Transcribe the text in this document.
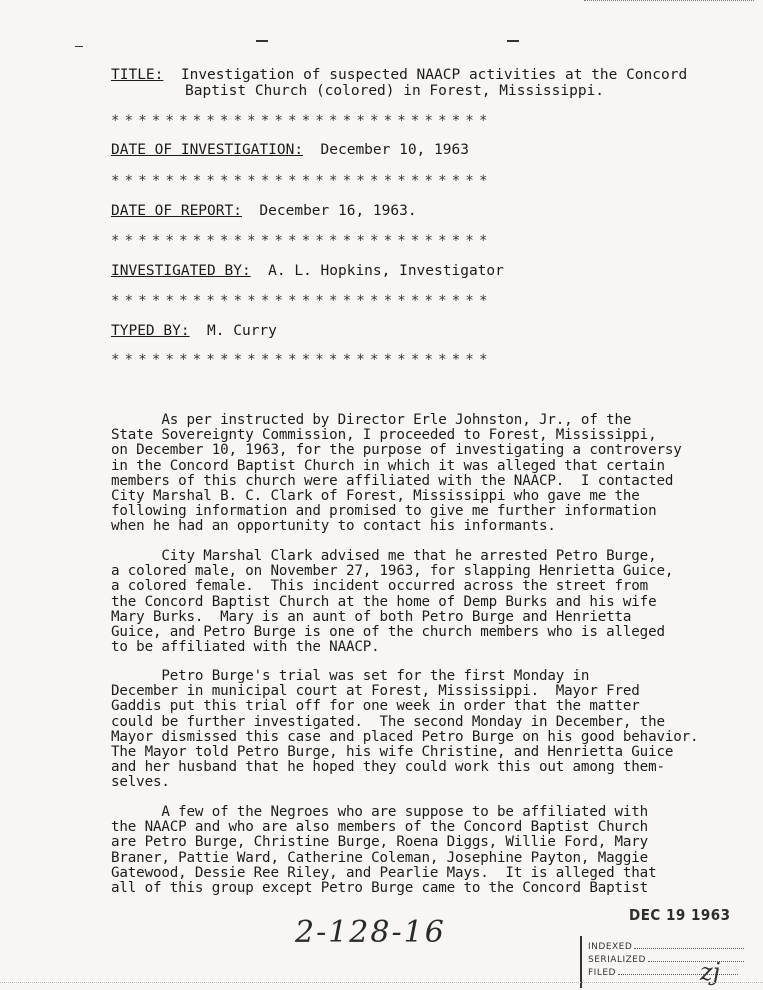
TITLE: Investigation of suspected NAACP activities at the Concord
Baptist Church (colored) in Forest, Mississippi.
****************************
DATE OF INVESTIGATION: December 10, 1963
****************************
DATE OF REPORT: December 16, 1963.
****************************
INVESTIGATED BY: A. L. Hopkins, Investigator
****************************
TYPED BY: M. Curry
****************************

As per instructed by Director Erle Johnston, Jr., of the
State Sovereignty Commission, I proceeded to Forest, Mississippi,
on December 10, 1963, for the purpose of investigating a controversy
in the Concord Baptist Church in which it was alleged that certain
members of this church were affiliated with the NAACP.  I contacted
City Marshal B. C. Clark of Forest, Mississippi who gave me the
following information and promised to give me further information
when he had an opportunity to contact his informants.

City Marshal Clark advised me that he arrested Petro Burge,
a colored male, on November 27, 1963, for slapping Henrietta Guice,
a colored female.  This incident occurred across the street from
the Concord Baptist Church at the home of Demp Burks and his wife
Mary Burks.  Mary is an aunt of both Petro Burge and Henrietta
Guice, and Petro Burge is one of the church members who is alleged
to be affiliated with the NAACP.

Petro Burge's trial was set for the first Monday in
December in municipal court at Forest, Mississippi.  Mayor Fred
Gaddis put this trial off for one week in order that the matter
could be further investigated.  The second Monday in December, the
Mayor dismissed this case and placed Petro Burge on his good behavior.
The Mayor told Petro Burge, his wife Christine, and Henrietta Guice
and her husband that he hoped they could work this out among them-
selves.

A few of the Negroes who are suppose to be affiliated with
the NAACP and who are also members of the Concord Baptist Church
are Petro Burge, Christine Burge, Roena Diggs, Willie Ford, Mary
Braner, Pattie Ward, Catherine Coleman, Josephine Payton, Maggie
Gatewood, Dessie Ree Riley, and Pearlie Mays.  It is alleged that
all of this group except Petro Burge came to the Concord Baptist

2-128-16	DEC 19 1963
INDEXED
SERIALIZED
FILED	zj
